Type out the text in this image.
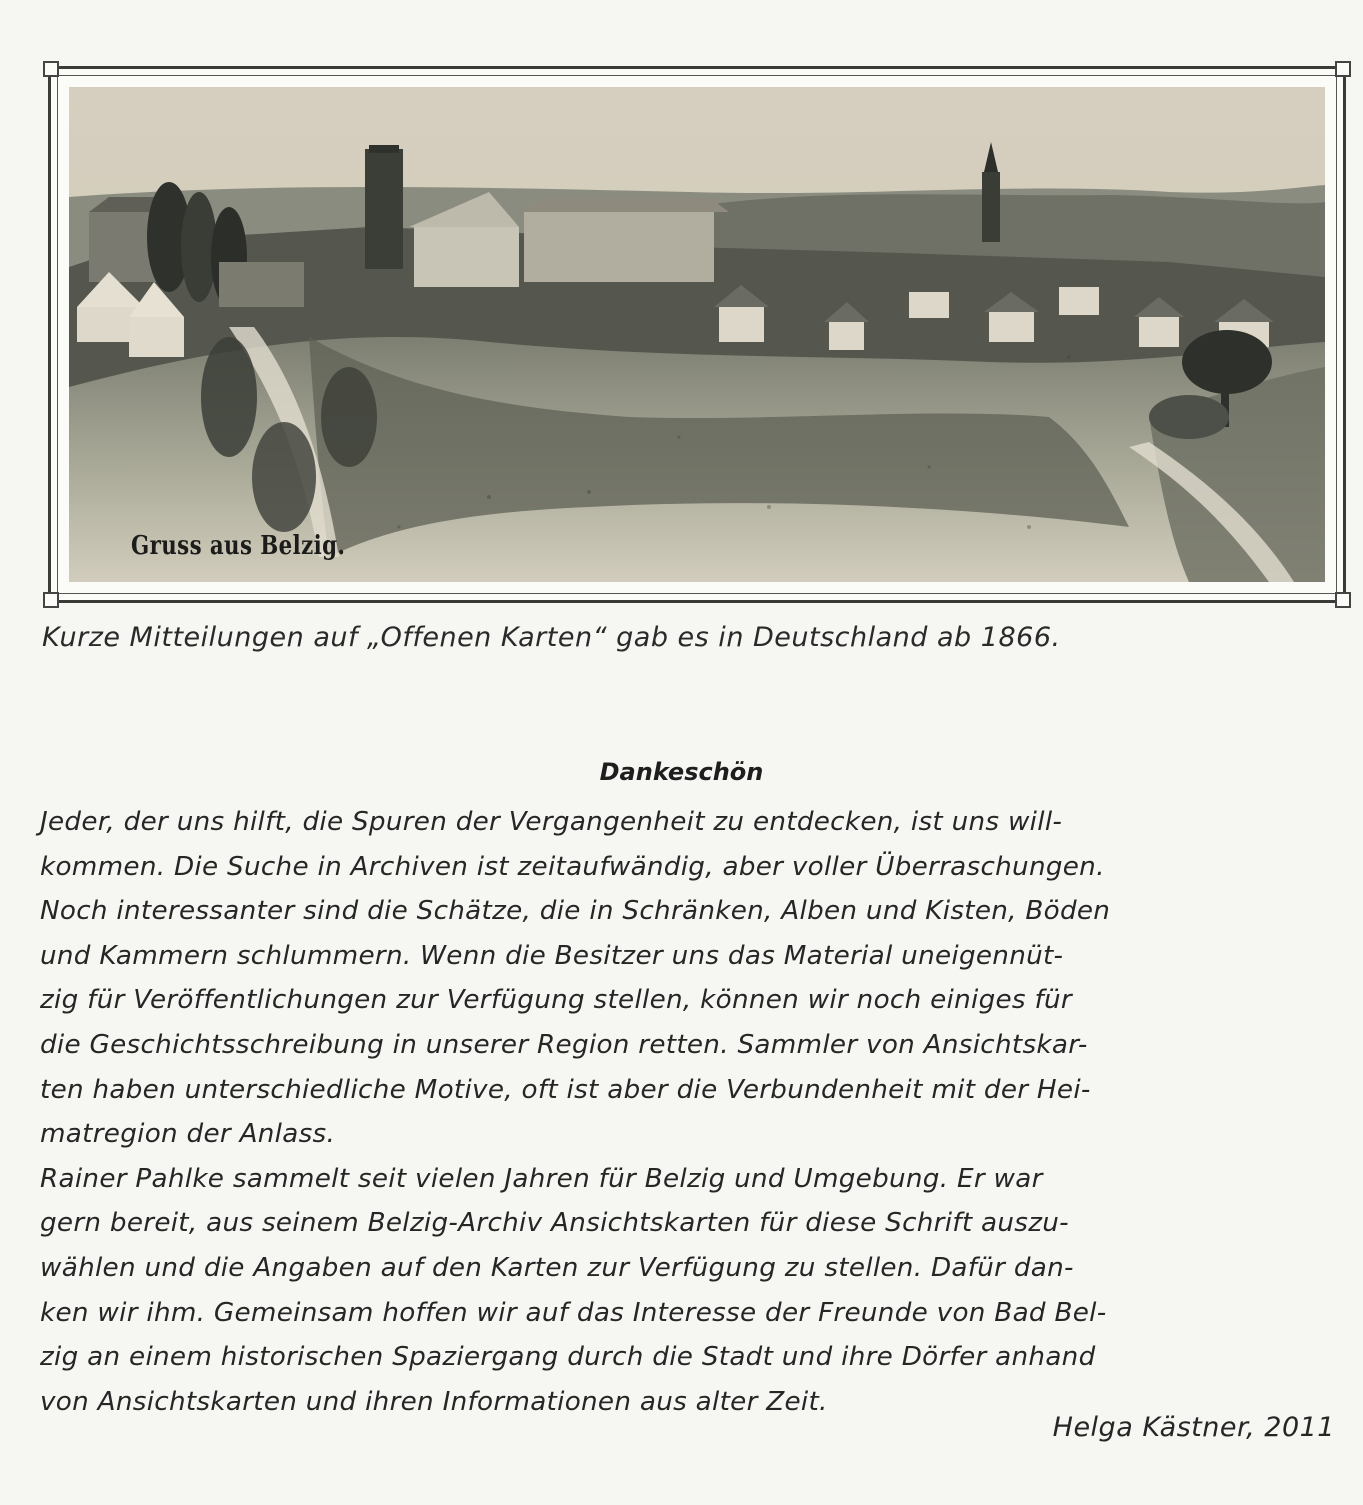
Gruss aus Belzig.
Kurze Mitteilungen auf „Offenen Karten“ gab es in Deutschland ab 1866.
Dankeschön
Jeder, der uns hilft, die Spuren der Vergangenheit zu entdecken, ist uns will-
kommen. Die Suche in Archiven ist zeitaufwändig, aber voller Überraschungen.
Noch interessanter sind die Schätze, die in Schränken, Alben und Kisten, Böden
und Kammern schlummern. Wenn die Besitzer uns das Material uneigennüt-
zig für Veröffentlichungen zur Verfügung stellen, können wir noch einiges für
die Geschichtsschreibung in unserer Region retten. Sammler von Ansichtskar-
ten haben unterschiedliche Motive, oft ist aber die Verbundenheit mit der Hei-
matregion der Anlass.
Rainer Pahlke sammelt seit vielen Jahren für Belzig und Umgebung. Er war
gern bereit, aus seinem Belzig-Archiv Ansichtskarten für diese Schrift auszu-
wählen und die Angaben auf den Karten zur Verfügung zu stellen. Dafür dan-
ken wir ihm. Gemeinsam hoffen wir auf das Interesse der Freunde von Bad Bel-
zig an einem historischen Spaziergang durch die Stadt und ihre Dörfer anhand
von Ansichtskarten und ihren Informationen aus alter Zeit.
Helga Kästner, 2011
